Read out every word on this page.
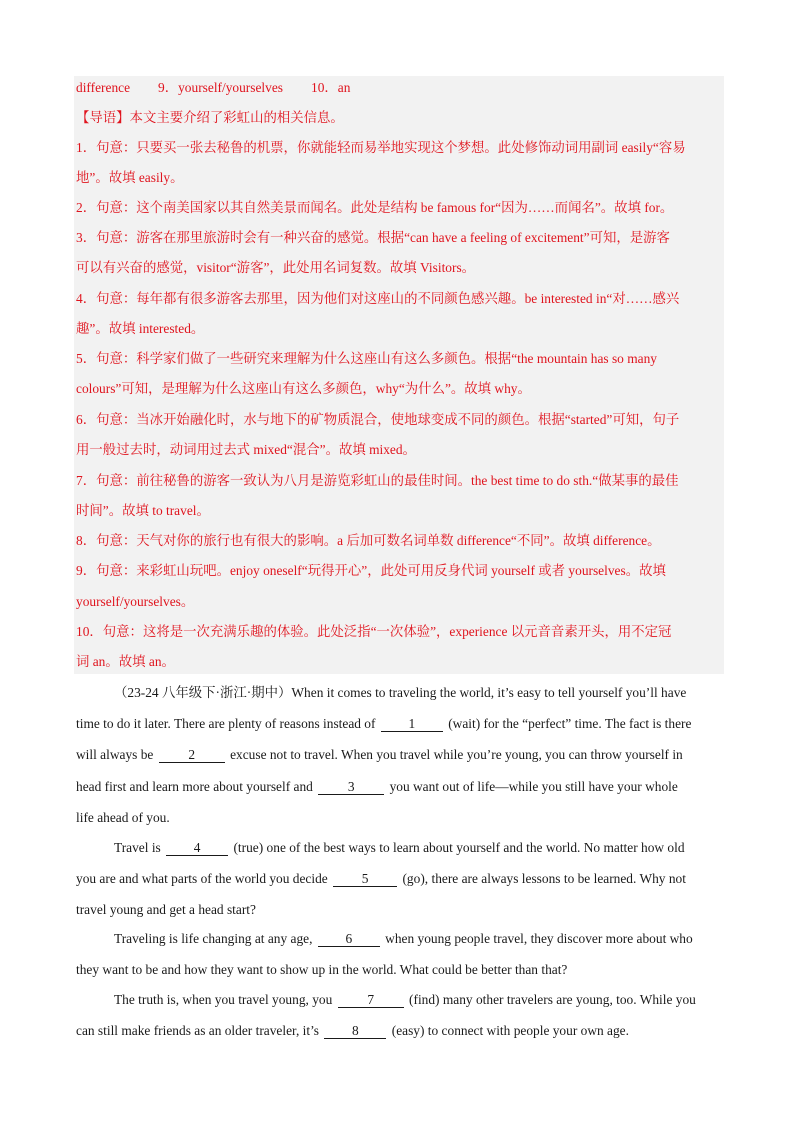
difference 9．yourself/yourselves 10．an
【导语】本文主要介绍了彩虹山的相关信息。
1．句意：只要买一张去秘鲁的机票，你就能轻而易举地实现这个梦想。此处修饰动词用副词 easily“容易
地”。故填 easily。
2．句意：这个南美国家以其自然美景而闻名。此处是结构 be famous for“因为……而闻名”。故填 for。
3．句意：游客在那里旅游时会有一种兴奋的感觉。根据“can have a feeling of excitement”可知，是游客
可以有兴奋的感觉，visitor“游客”，此处用名词复数。故填 Visitors。
4．句意：每年都有很多游客去那里，因为他们对这座山的不同颜色感兴趣。be interested in“对……感兴
趣”。故填 interested。
5．句意：科学家们做了一些研究来理解为什么这座山有这么多颜色。根据“the mountain has so many
colours”可知，是理解为什么这座山有这么多颜色，why“为什么”。故填 why。
6．句意：当冰开始融化时，水与地下的矿物质混合，使地球变成不同的颜色。根据“started”可知，句子
用一般过去时，动词用过去式 mixed“混合”。故填 mixed。
7．句意：前往秘鲁的游客一致认为八月是游览彩虹山的最佳时间。the best time to do sth.“做某事的最佳
时间”。故填 to travel。
8．句意：天气对你的旅行也有很大的影响。a 后加可数名词单数 difference“不同”。故填 difference。
9．句意：来彩虹山玩吧。enjoy oneself“玩得开心”，此处可用反身代词 yourself 或者 yourselves。故填
yourself/yourselves。
10．句意：这将是一次充满乐趣的体验。此处泛指“一次体验”，experience 以元音音素开头，用不定冠
词 an。故填 an。
（23-24 八年级下·浙江·期中）When it comes to traveling the world, it’s easy to tell yourself you’ll have
time to do it later. There are plenty of reasons instead of 1 (wait) for the “perfect” time. The fact is there
will always be	2	excuse not to travel. When you travel while you’re young, you can throw yourself in
head first and learn more about yourself and	3	you want out of life—while you still have your whole
life ahead of you.
Travel is 4 (true) one of the best ways to learn about yourself and the world. No matter how old
you are and what parts of the world you decide	5	(go), there are always lessons to be learned. Why not
travel young and get a head start?
Traveling is life changing at any age, 6 when young people travel, they discover more about who
they want to be and how they want to show up in the world. What could be better than that?
The truth is, when you travel young, you	7	(find) many other travelers are young, too. While you
can still make friends as an older traveler, it’s 8 (easy) to connect with people your own age.
